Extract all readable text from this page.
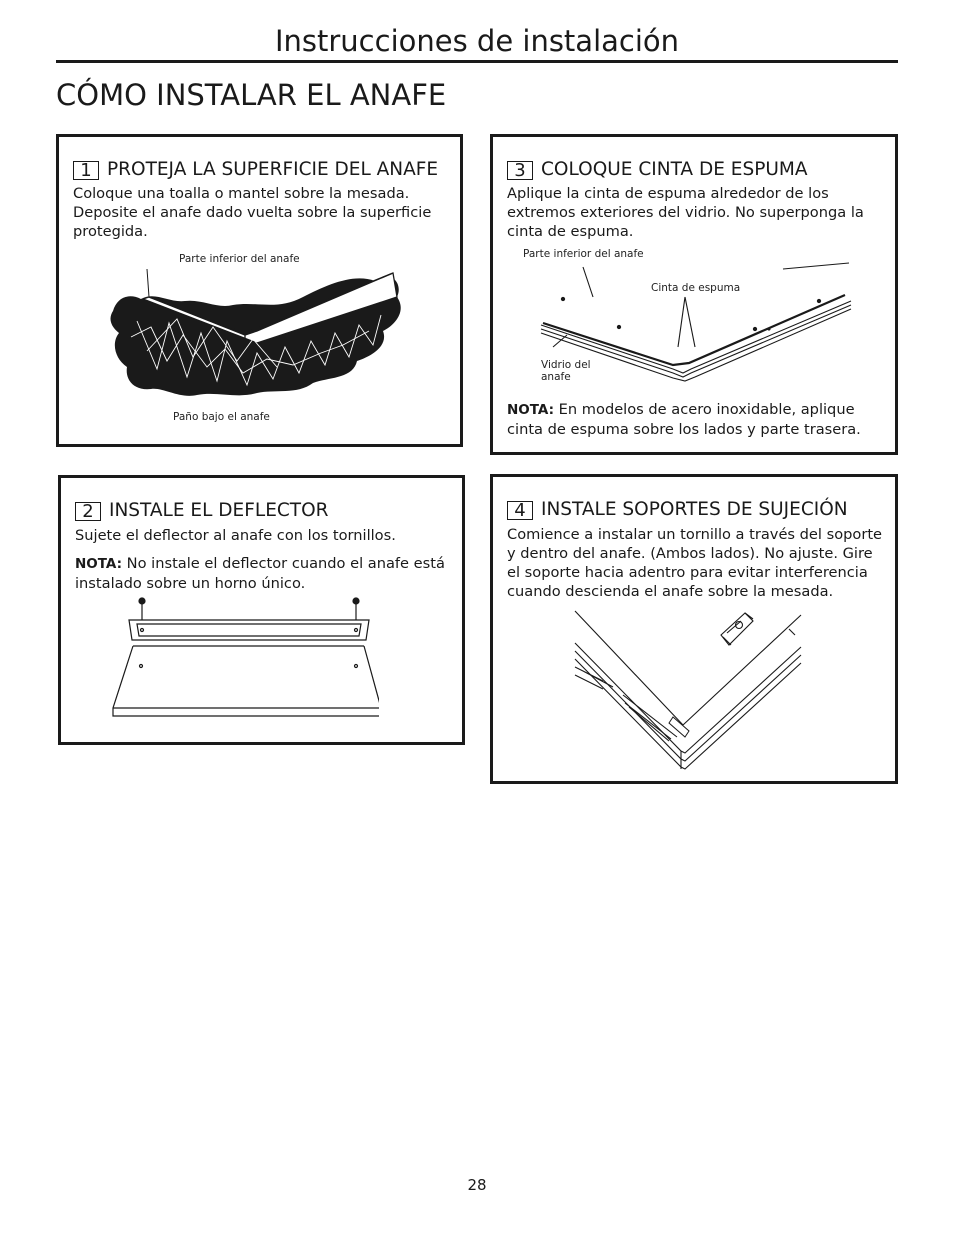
Instrucciones de instalación
CÓMO INSTALAR EL ANAFE
1 PROTEJA LA SUPERFICIE DEL ANAFE
Coloque una toalla o mantel sobre la mesada.
Deposite el anafe dado vuelta sobre la superficie
protegida.
Parte inferior del anafe
Paño bajo el anafe
2 INSTALE EL DEFLECTOR
Sujete el deflector al anafe con los tornillos.
NOTA: No instale el deflector cuando el anafe está instalado sobre un horno único.
3 COLOQUE CINTA DE ESPUMA
Aplique la cinta de espuma alrededor de los
extremos exteriores del vidrio. No superponga la
cinta de espuma.
Parte inferior del anafe
Cinta de espuma
Vidrio del
anafe
NOTA: En modelos de acero inoxidable, aplique cinta de espuma sobre los lados y parte trasera.
4 INSTALE SOPORTES DE SUJECIÓN
Comience a instalar un tornillo a través del soporte
y dentro del anafe. (Ambos lados). No ajuste. Gire
el soporte hacia adentro para evitar interferencia
cuando descienda el anafe sobre la mesada.
28
